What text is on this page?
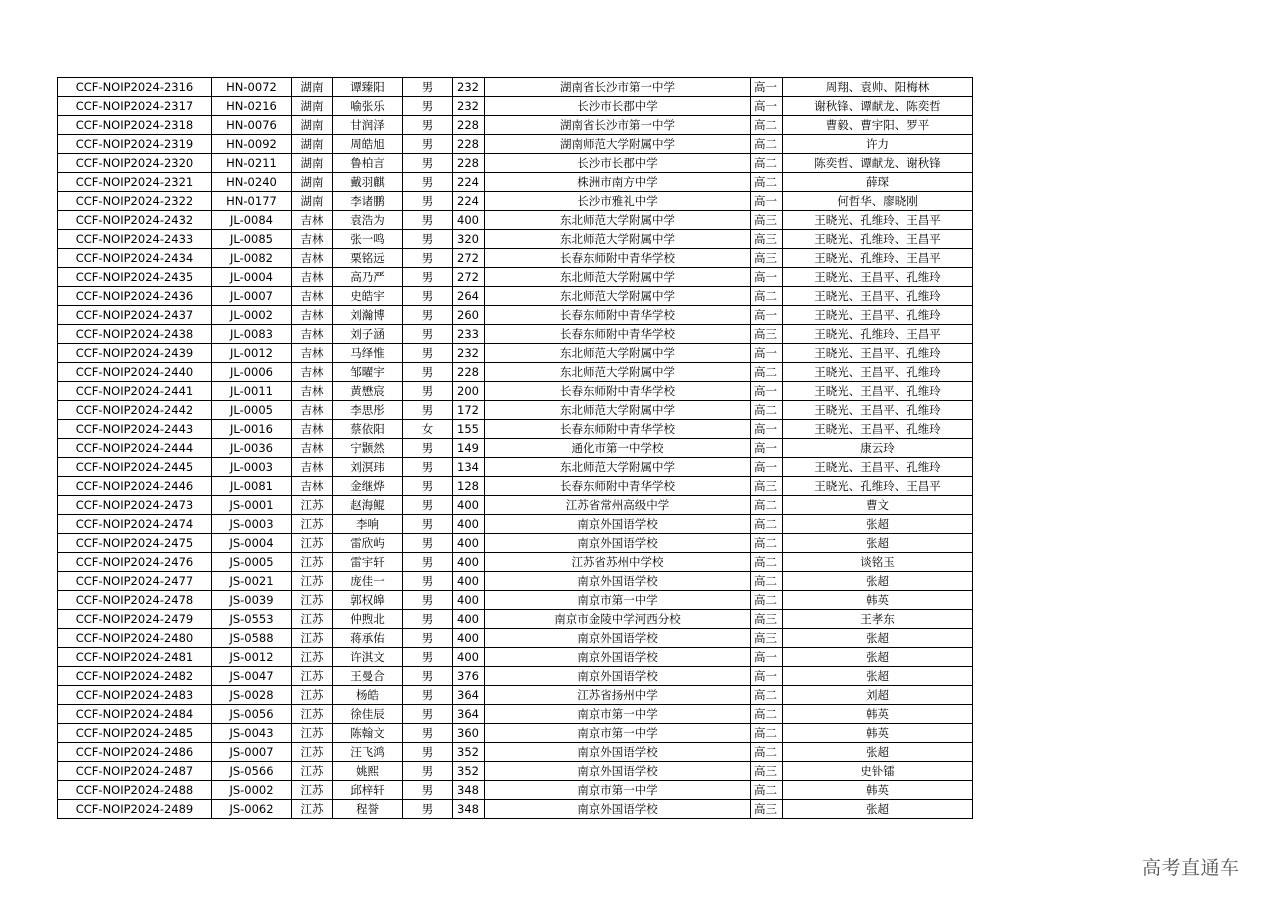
CCF-NOIP2024-2316	HN-0072	湖南	谭臻阳	男	232	湖南省长沙市第一中学	高一	周翔、袁帅、阳梅林
CCF-NOIP2024-2317	HN-0216	湖南	喻张乐	男	232	长沙市长郡中学	高一	谢秋锋、谭献龙、陈奕哲
CCF-NOIP2024-2318	HN-0076	湖南	甘润泽	男	228	湖南省长沙市第一中学	高二	曹毅、曹宇阳、罗平
CCF-NOIP2024-2319	HN-0092	湖南	周皓旭	男	228	湖南师范大学附属中学	高二	许力
CCF-NOIP2024-2320	HN-0211	湖南	鲁柏言	男	228	长沙市长郡中学	高二	陈奕哲、谭献龙、谢秋锋
CCF-NOIP2024-2321	HN-0240	湖南	戴羽麒	男	224	株洲市南方中学	高二	薛琛
CCF-NOIP2024-2322	HN-0177	湖南	李诸鹏	男	224	长沙市雅礼中学	高一	何哲华、廖晓刚
CCF-NOIP2024-2432	JL-0084	吉林	袁浩为	男	400	东北师范大学附属中学	高三	王晓光、孔维玲、王昌平
CCF-NOIP2024-2433	JL-0085	吉林	张一鸣	男	320	东北师范大学附属中学	高三	王晓光、孔维玲、王昌平
CCF-NOIP2024-2434	JL-0082	吉林	栗铭远	男	272	长春东师附中青华学校	高三	王晓光、孔维玲、王昌平
CCF-NOIP2024-2435	JL-0004	吉林	高乃严	男	272	东北师范大学附属中学	高一	王晓光、王昌平、孔维玲
CCF-NOIP2024-2436	JL-0007	吉林	史皓宇	男	264	东北师范大学附属中学	高二	王晓光、王昌平、孔维玲
CCF-NOIP2024-2437	JL-0002	吉林	刘瀚博	男	260	长春东师附中青华学校	高一	王晓光、王昌平、孔维玲
CCF-NOIP2024-2438	JL-0083	吉林	刘子涵	男	233	长春东师附中青华学校	高三	王晓光、孔维玲、王昌平
CCF-NOIP2024-2439	JL-0012	吉林	马绎惟	男	232	东北师范大学附属中学	高一	王晓光、王昌平、孔维玲
CCF-NOIP2024-2440	JL-0006	吉林	邹曜宇	男	228	东北师范大学附属中学	高二	王晓光、王昌平、孔维玲
CCF-NOIP2024-2441	JL-0011	吉林	黄懋宸	男	200	长春东师附中青华学校	高一	王晓光、王昌平、孔维玲
CCF-NOIP2024-2442	JL-0005	吉林	李思彤	男	172	东北师范大学附属中学	高二	王晓光、王昌平、孔维玲
CCF-NOIP2024-2443	JL-0016	吉林	蔡依阳	女	155	长春东师附中青华学校	高一	王晓光、王昌平、孔维玲
CCF-NOIP2024-2444	JL-0036	吉林	宁颢然	男	149	通化市第一中学校	高一	康云玲
CCF-NOIP2024-2445	JL-0003	吉林	刘溟玮	男	134	东北师范大学附属中学	高一	王晓光、王昌平、孔维玲
CCF-NOIP2024-2446	JL-0081	吉林	金继烨	男	128	长春东师附中青华学校	高三	王晓光、孔维玲、王昌平
CCF-NOIP2024-2473	JS-0001	江苏	赵海鲲	男	400	江苏省常州高级中学	高二	曹文
CCF-NOIP2024-2474	JS-0003	江苏	李响	男	400	南京外国语学校	高二	张超
CCF-NOIP2024-2475	JS-0004	江苏	雷欣屿	男	400	南京外国语学校	高二	张超
CCF-NOIP2024-2476	JS-0005	江苏	雷宇轩	男	400	江苏省苏州中学校	高二	谈铭玉
CCF-NOIP2024-2477	JS-0021	江苏	庞佳一	男	400	南京外国语学校	高二	张超
CCF-NOIP2024-2478	JS-0039	江苏	郭权皞	男	400	南京市第一中学	高二	韩英
CCF-NOIP2024-2479	JS-0553	江苏	仲煦北	男	400	南京市金陵中学河西分校	高三	王孝东
CCF-NOIP2024-2480	JS-0588	江苏	蒋承佑	男	400	南京外国语学校	高三	张超
CCF-NOIP2024-2481	JS-0012	江苏	许淇文	男	400	南京外国语学校	高一	张超
CCF-NOIP2024-2482	JS-0047	江苏	王曼合	男	376	南京外国语学校	高一	张超
CCF-NOIP2024-2483	JS-0028	江苏	杨皓	男	364	江苏省扬州中学	高二	刘超
CCF-NOIP2024-2484	JS-0056	江苏	徐佳辰	男	364	南京市第一中学	高二	韩英
CCF-NOIP2024-2485	JS-0043	江苏	陈翰文	男	360	南京市第一中学	高二	韩英
CCF-NOIP2024-2486	JS-0007	江苏	汪飞鸿	男	352	南京外国语学校	高二	张超
CCF-NOIP2024-2487	JS-0566	江苏	姚熙	男	352	南京外国语学校	高三	史钋镭
CCF-NOIP2024-2488	JS-0002	江苏	邱梓轩	男	348	南京市第一中学	高二	韩英
CCF-NOIP2024-2489	JS-0062	江苏	程誉	男	348	南京外国语学校	高三	张超
高考直通车
